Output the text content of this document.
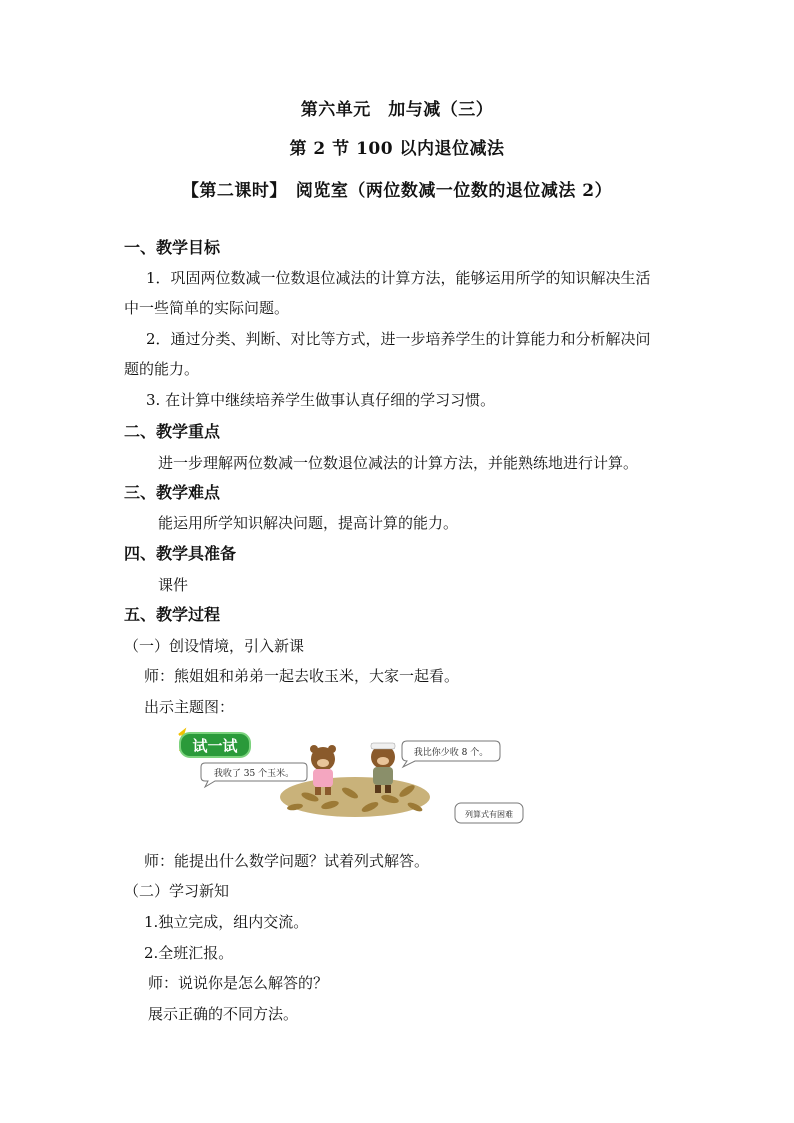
第六单元　加与减（三）
第 2 节 100 以内退位减法
【第二课时】　阅览室（两位数减一位数的退位减法 2）
一、教学目标
1．巩固两位数减一位数退位减法的计算方法，能够运用所学的知识解决生活
中一些简单的实际问题。
2．通过分类、判断、对比等方式，进一步培养学生的计算能力和分析解决问
题的能力。
3. 在计算中继续培养学生做事认真仔细的学习习惯。
二、教学重点
进一步理解两位数减一位数退位减法的计算方法，并能熟练地进行计算。
三、教学难点
能运用所学知识解决问题，提高计算的能力。
四、教学具准备
课件
五、教学过程
（一）创设情境，引入新课
师：熊姐姐和弟弟一起去收玉米，大家一起看。
出示主题图：
试一试
我收了 35 个玉米。
我比你少收 8 个。
列算式有困难
师：能提出什么数学问题？试着列式解答。
（二）学习新知
1.独立完成，组内交流。
2.全班汇报。
师：说说你是怎么解答的？
展示正确的不同方法。
